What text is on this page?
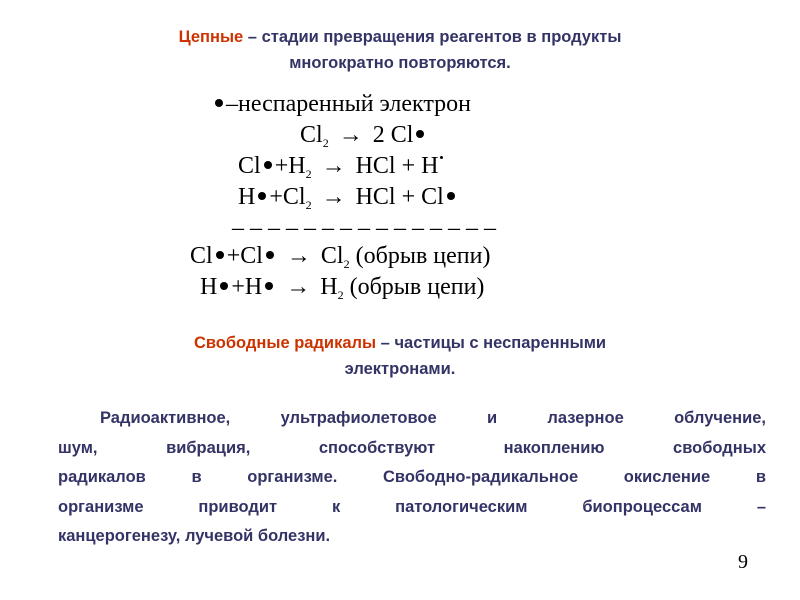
Цепные – стадии превращения реагентов в продукты
многократно повторяются.
–неспаренный электрон
$Cl_2 \to 2$ Cl
$Cl +H_2$ → HCl + H
$H +Cl_2$ → HCl + Cl
– – – – – – – – – – – – – – –
$Cl +Cl \to Cl_2$ (обрыв цепи)
$H +H \to H_2$ (обрыв цепи)
Свободные радикалы – частицы с неспаренными
электронами.
Радиоактивное, ультрафиолетовое и лазерное облучение,
шум, вибрация, способствуют накоплению свободных
радикалов в организме. Свободно-радикальное окисление в
организме приводит к патологическим биопроцессам –
канцерогенезу, лучевой болезни.
9
